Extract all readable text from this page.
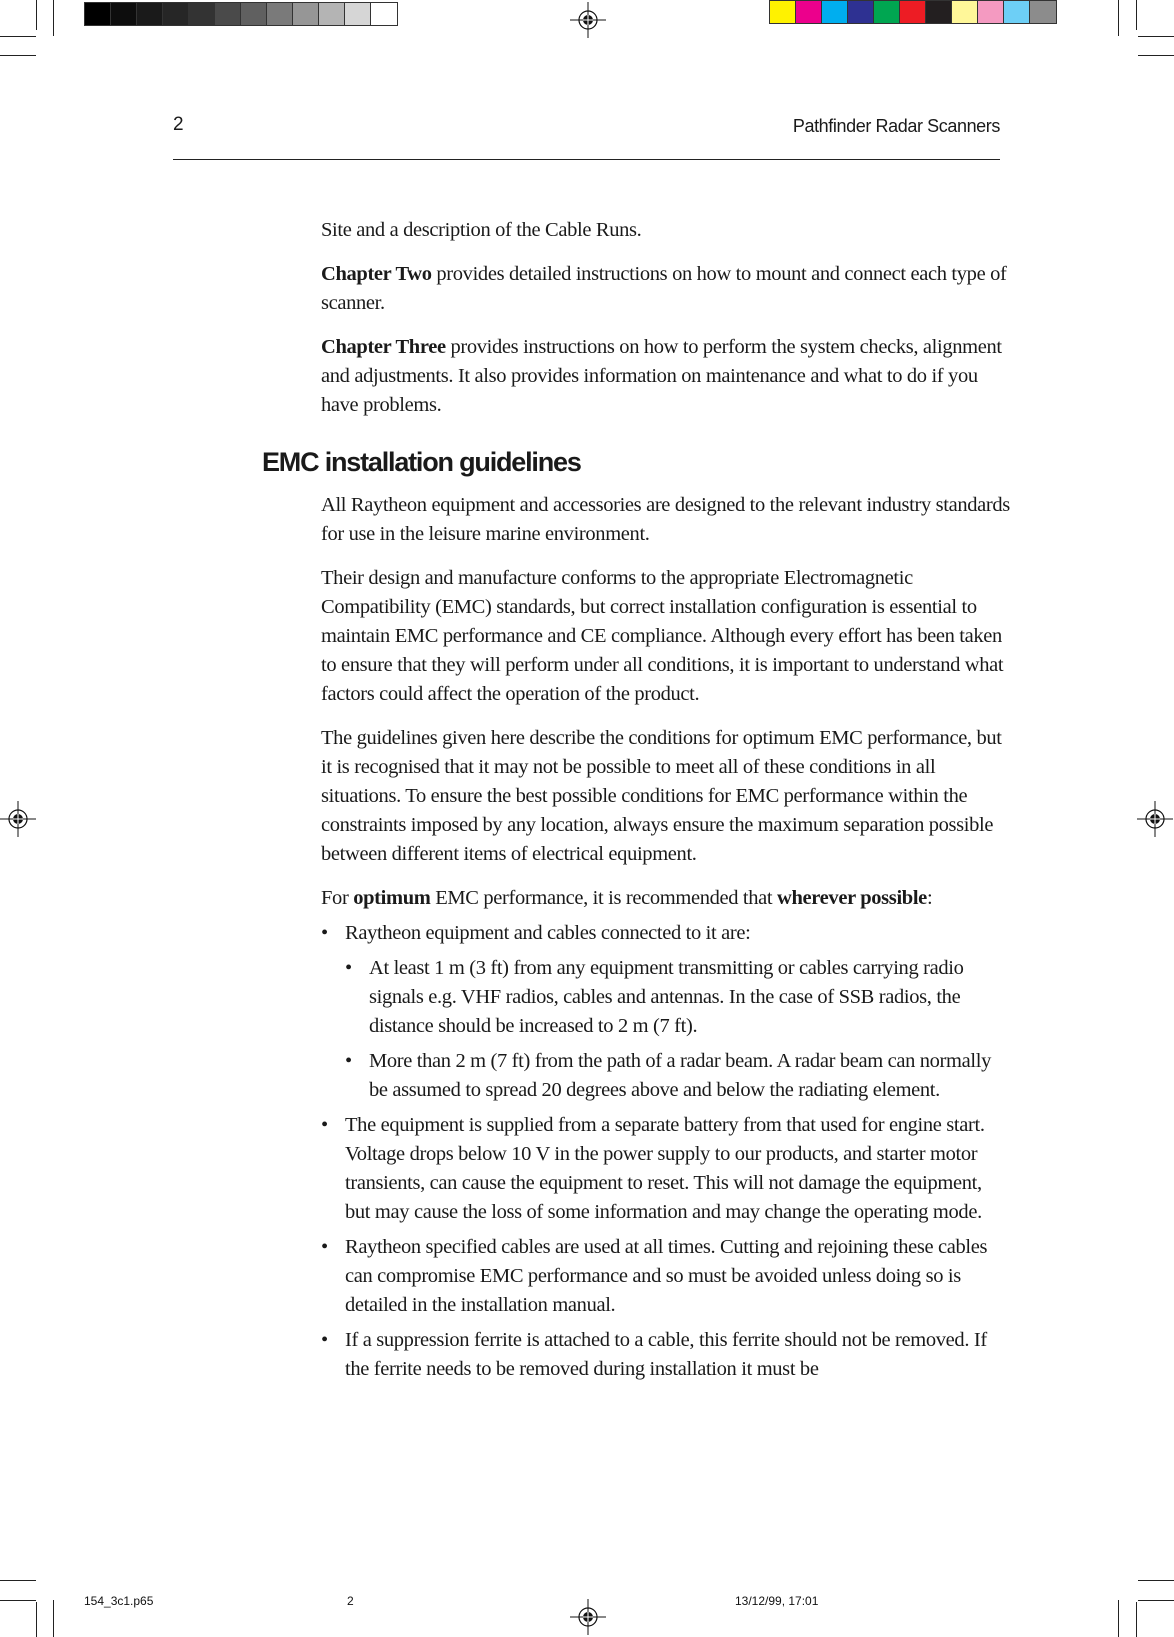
154_3c1.p65	2	13/12/99, 17:01
2	Pathfinder Radar Scanners

Site and a description of the Cable Runs.

Chapter Two provides detailed instructions on how to mount and connect each type of scanner.

Chapter Three provides instructions on how to perform the system checks, alignment and adjustments. It also provides information on maintenance and what to do if you have problems.

EMC installation guidelines

All Raytheon equipment and accessories are designed to the relevant industry standards for use in the leisure marine environment.

Their design and manufacture conforms to the appropriate Electromagnetic Compatibility (EMC) standards, but correct installation configuration is essential to maintain EMC performance and CE compliance. Although every effort has been taken to ensure that they will perform under all conditions, it is important to understand what factors could affect the operation of the product.

The guidelines given here describe the conditions for optimum EMC performance, but it is recognised that it may not be possible to meet all of these conditions in all situations. To ensure the best possible conditions for EMC performance within the constraints imposed by any location, always ensure the maximum separation possible between different items of electrical equipment.

For optimum EMC performance, it is recommended that wherever possible:

• Raytheon equipment and cables connected to it are:
• At least 1 m (3 ft) from any equipment transmitting or cables carrying radio signals e.g. VHF radios, cables and antennas. In the case of SSB radios, the distance should be increased to 2 m (7 ft).
• More than 2 m (7 ft) from the path of a radar beam. A radar beam can normally be assumed to spread 20 degrees above and below the radiating element.
• The equipment is supplied from a separate battery from that used for engine start. Voltage drops below 10 V in the power supply to our products, and starter motor transients, can cause the equipment to reset. This will not damage the equipment, but may cause the loss of some information and may change the operating mode.
• Raytheon specified cables are used at all times. Cutting and rejoining these cables can compromise EMC performance and so must be avoided unless doing so is detailed in the installation manual.
• If a suppression ferrite is attached to a cable, this ferrite should not be removed. If the ferrite needs to be removed during installation it must be
